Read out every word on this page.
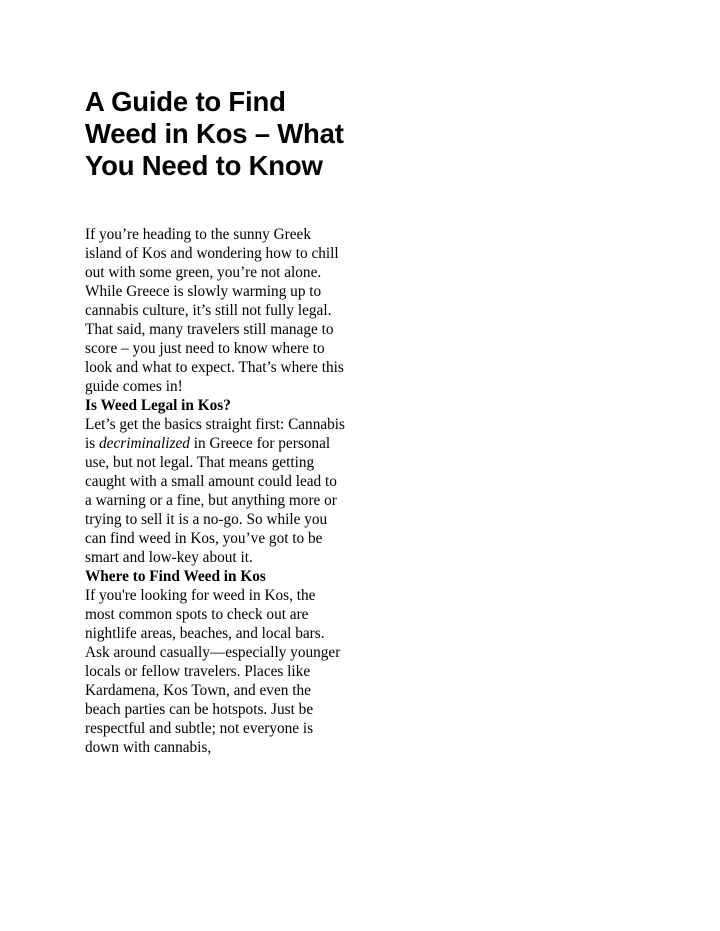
A Guide to Find Weed in Kos – What You Need to Know

If you’re heading to the sunny Greek island of Kos and wondering how to chill out with some green, you’re not alone. While Greece is slowly warming up to cannabis culture, it’s still not fully legal. That said, many travelers still manage to score – you just need to know where to look and what to expect. That’s where this guide comes in!

Is Weed Legal in Kos?

Let’s get the basics straight first: Cannabis is decriminalized in Greece for personal use, but not legal. That means getting caught with a small amount could lead to a warning or a fine, but anything more or trying to sell it is a no-go. So while you can find weed in Kos, you’ve got to be smart and low-key about it.

Where to Find Weed in Kos

If you're looking for weed in Kos, the most common spots to check out are nightlife areas, beaches, and local bars. Ask around casually—especially younger locals or fellow travelers. Places like Kardamena, Kos Town, and even the beach parties can be hotspots. Just be respectful and subtle; not everyone is down with cannabis,
